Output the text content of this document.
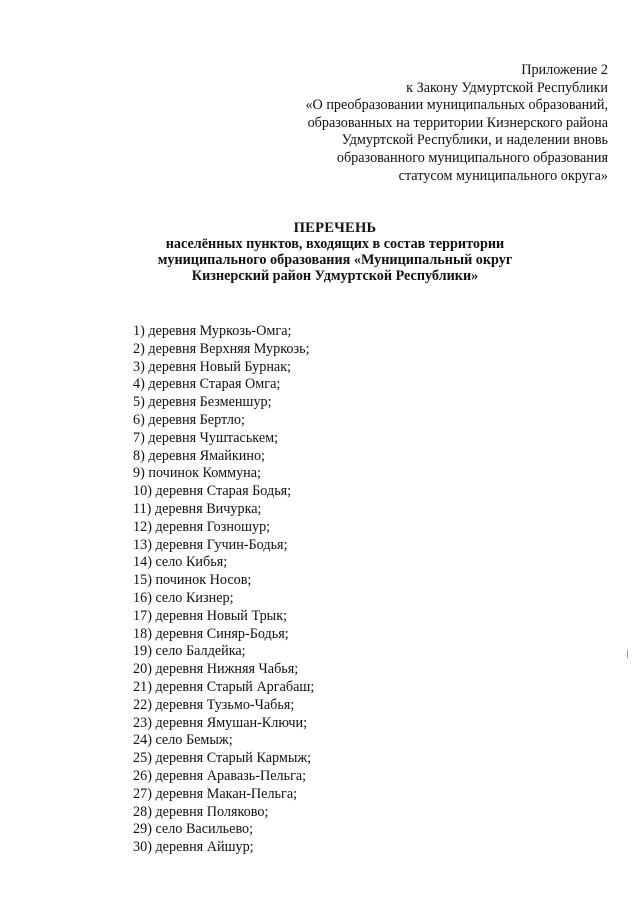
Приложение 2
к Закону Удмуртской Республики
«О преобразовании муниципальных образований,
образованных на территории Кизнерского района
Удмуртской Республики, и наделении вновь
образованного муниципального образования
статусом муниципального округа»
ПЕРЕЧЕНЬ
населённых пунктов, входящих в состав территории
муниципального образования «Муниципальный округ
Кизнерский район Удмуртской Республики»
1) деревня Муркозь-Омга;
2) деревня Верхняя Муркозь;
3) деревня Новый Бурнак;
4) деревня Старая Омга;
5) деревня Безменшур;
6) деревня Бертло;
7) деревня Чуштаськем;
8) деревня Ямайкино;
9) починок Коммуна;
10) деревня Старая Бодья;
11) деревня Вичурка;
12) деревня Гозношур;
13) деревня Гучин-Бодья;
14) село Кибья;
15) починок Носов;
16) село Кизнер;
17) деревня Новый Трык;
18) деревня Синяр-Бодья;
19) село Балдейка;
20) деревня Нижняя Чабья;
21) деревня Старый Аргабаш;
22) деревня Тузьмо-Чабья;
23) деревня Ямушан-Ключи;
24) село Бемыж;
25) деревня Старый Кармыж;
26) деревня Аравазь-Пельга;
27) деревня Макан-Пельга;
28) деревня Поляково;
29) село Васильево;
30) деревня Айшур;
